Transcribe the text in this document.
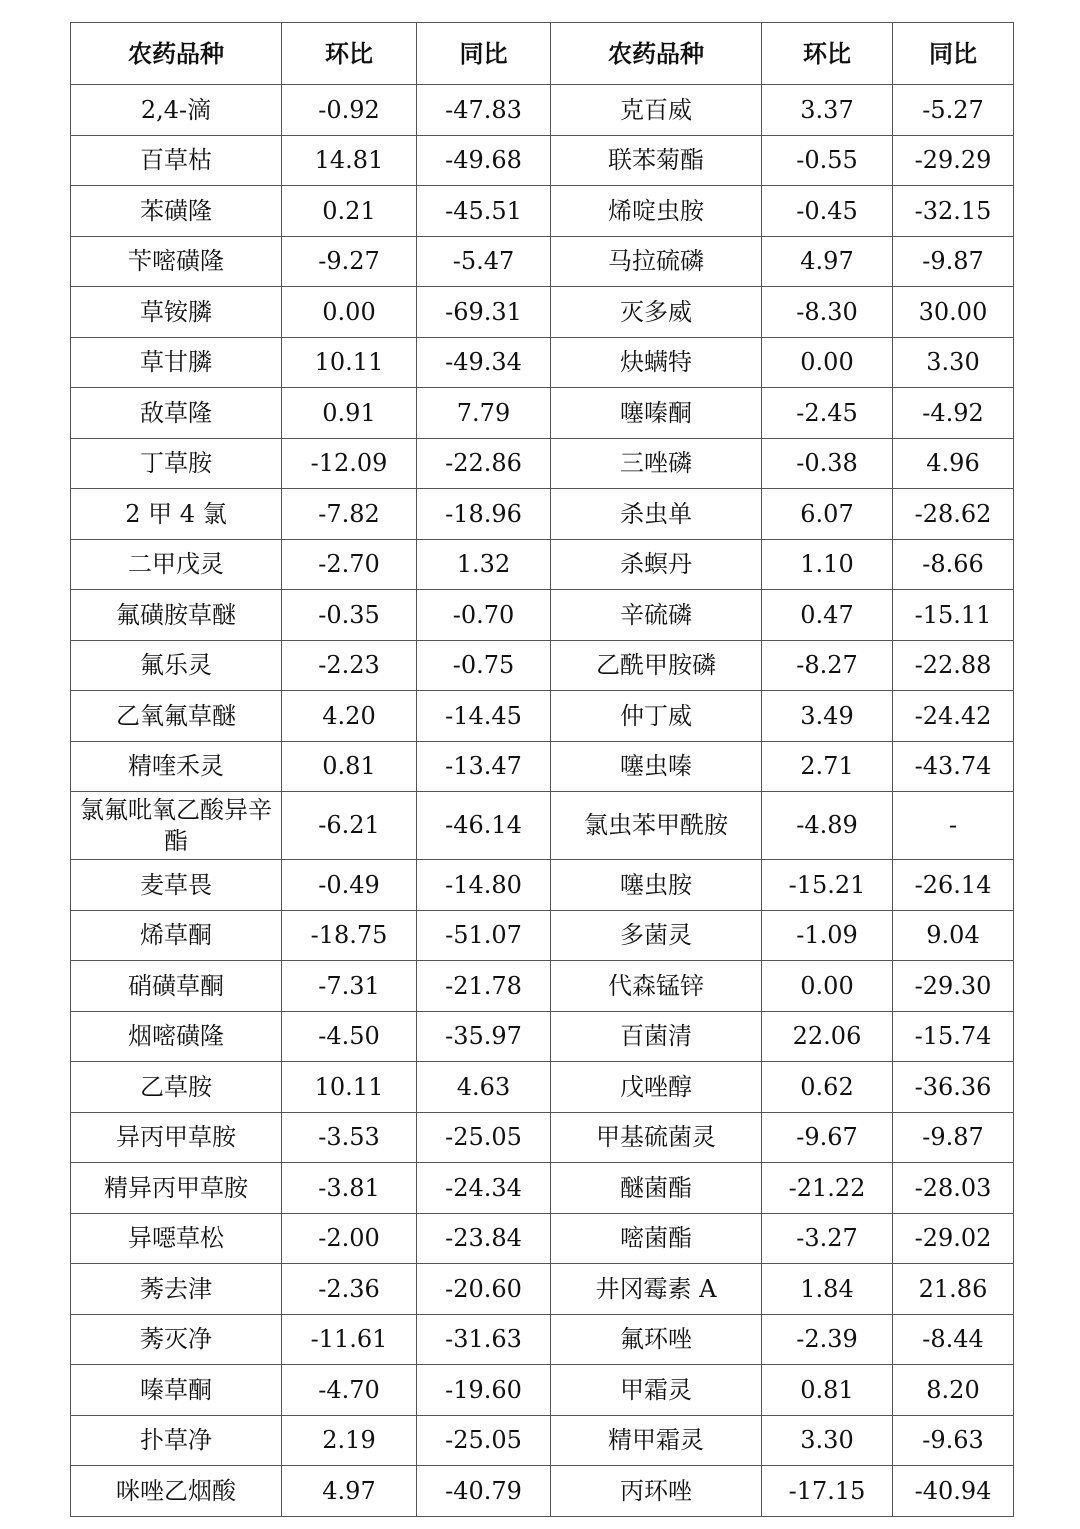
农药品种	环比	同比	农药品种	环比	同比
2,4-滴	-0.92	-47.83	克百威	3.37	-5.27
百草枯	14.81	-49.68	联苯菊酯	-0.55	-29.29
苯磺隆	0.21	-45.51	烯啶虫胺	-0.45	-32.15
苄嘧磺隆	-9.27	-5.47	马拉硫磷	4.97	-9.87
草铵膦	0.00	-69.31	灭多威	-8.30	30.00
草甘膦	10.11	-49.34	炔螨特	0.00	3.30
敌草隆	0.91	7.79	噻嗪酮	-2.45	-4.92
丁草胺	-12.09	-22.86	三唑磷	-0.38	4.96
2 甲 4 氯	-7.82	-18.96	杀虫单	6.07	-28.62
二甲戊灵	-2.70	1.32	杀螟丹	1.10	-8.66
氟磺胺草醚	-0.35	-0.70	辛硫磷	0.47	-15.11
氟乐灵	-2.23	-0.75	乙酰甲胺磷	-8.27	-22.88
乙氧氟草醚	4.20	-14.45	仲丁威	3.49	-24.42
精喹禾灵	0.81	-13.47	噻虫嗪	2.71	-43.74
氯氟吡氧乙酸异辛酯	-6.21	-46.14	氯虫苯甲酰胺	-4.89	-
麦草畏	-0.49	-14.80	噻虫胺	-15.21	-26.14
烯草酮	-18.75	-51.07	多菌灵	-1.09	9.04
硝磺草酮	-7.31	-21.78	代森锰锌	0.00	-29.30
烟嘧磺隆	-4.50	-35.97	百菌清	22.06	-15.74
乙草胺	10.11	4.63	戊唑醇	0.62	-36.36
异丙甲草胺	-3.53	-25.05	甲基硫菌灵	-9.67	-9.87
精异丙甲草胺	-3.81	-24.34	醚菌酯	-21.22	-28.03
异噁草松	-2.00	-23.84	嘧菌酯	-3.27	-29.02
莠去津	-2.36	-20.60	井冈霉素 A	1.84	21.86
莠灭净	-11.61	-31.63	氟环唑	-2.39	-8.44
嗪草酮	-4.70	-19.60	甲霜灵	0.81	8.20
扑草净	2.19	-25.05	精甲霜灵	3.30	-9.63
咪唑乙烟酸	4.97	-40.79	丙环唑	-17.15	-40.94
